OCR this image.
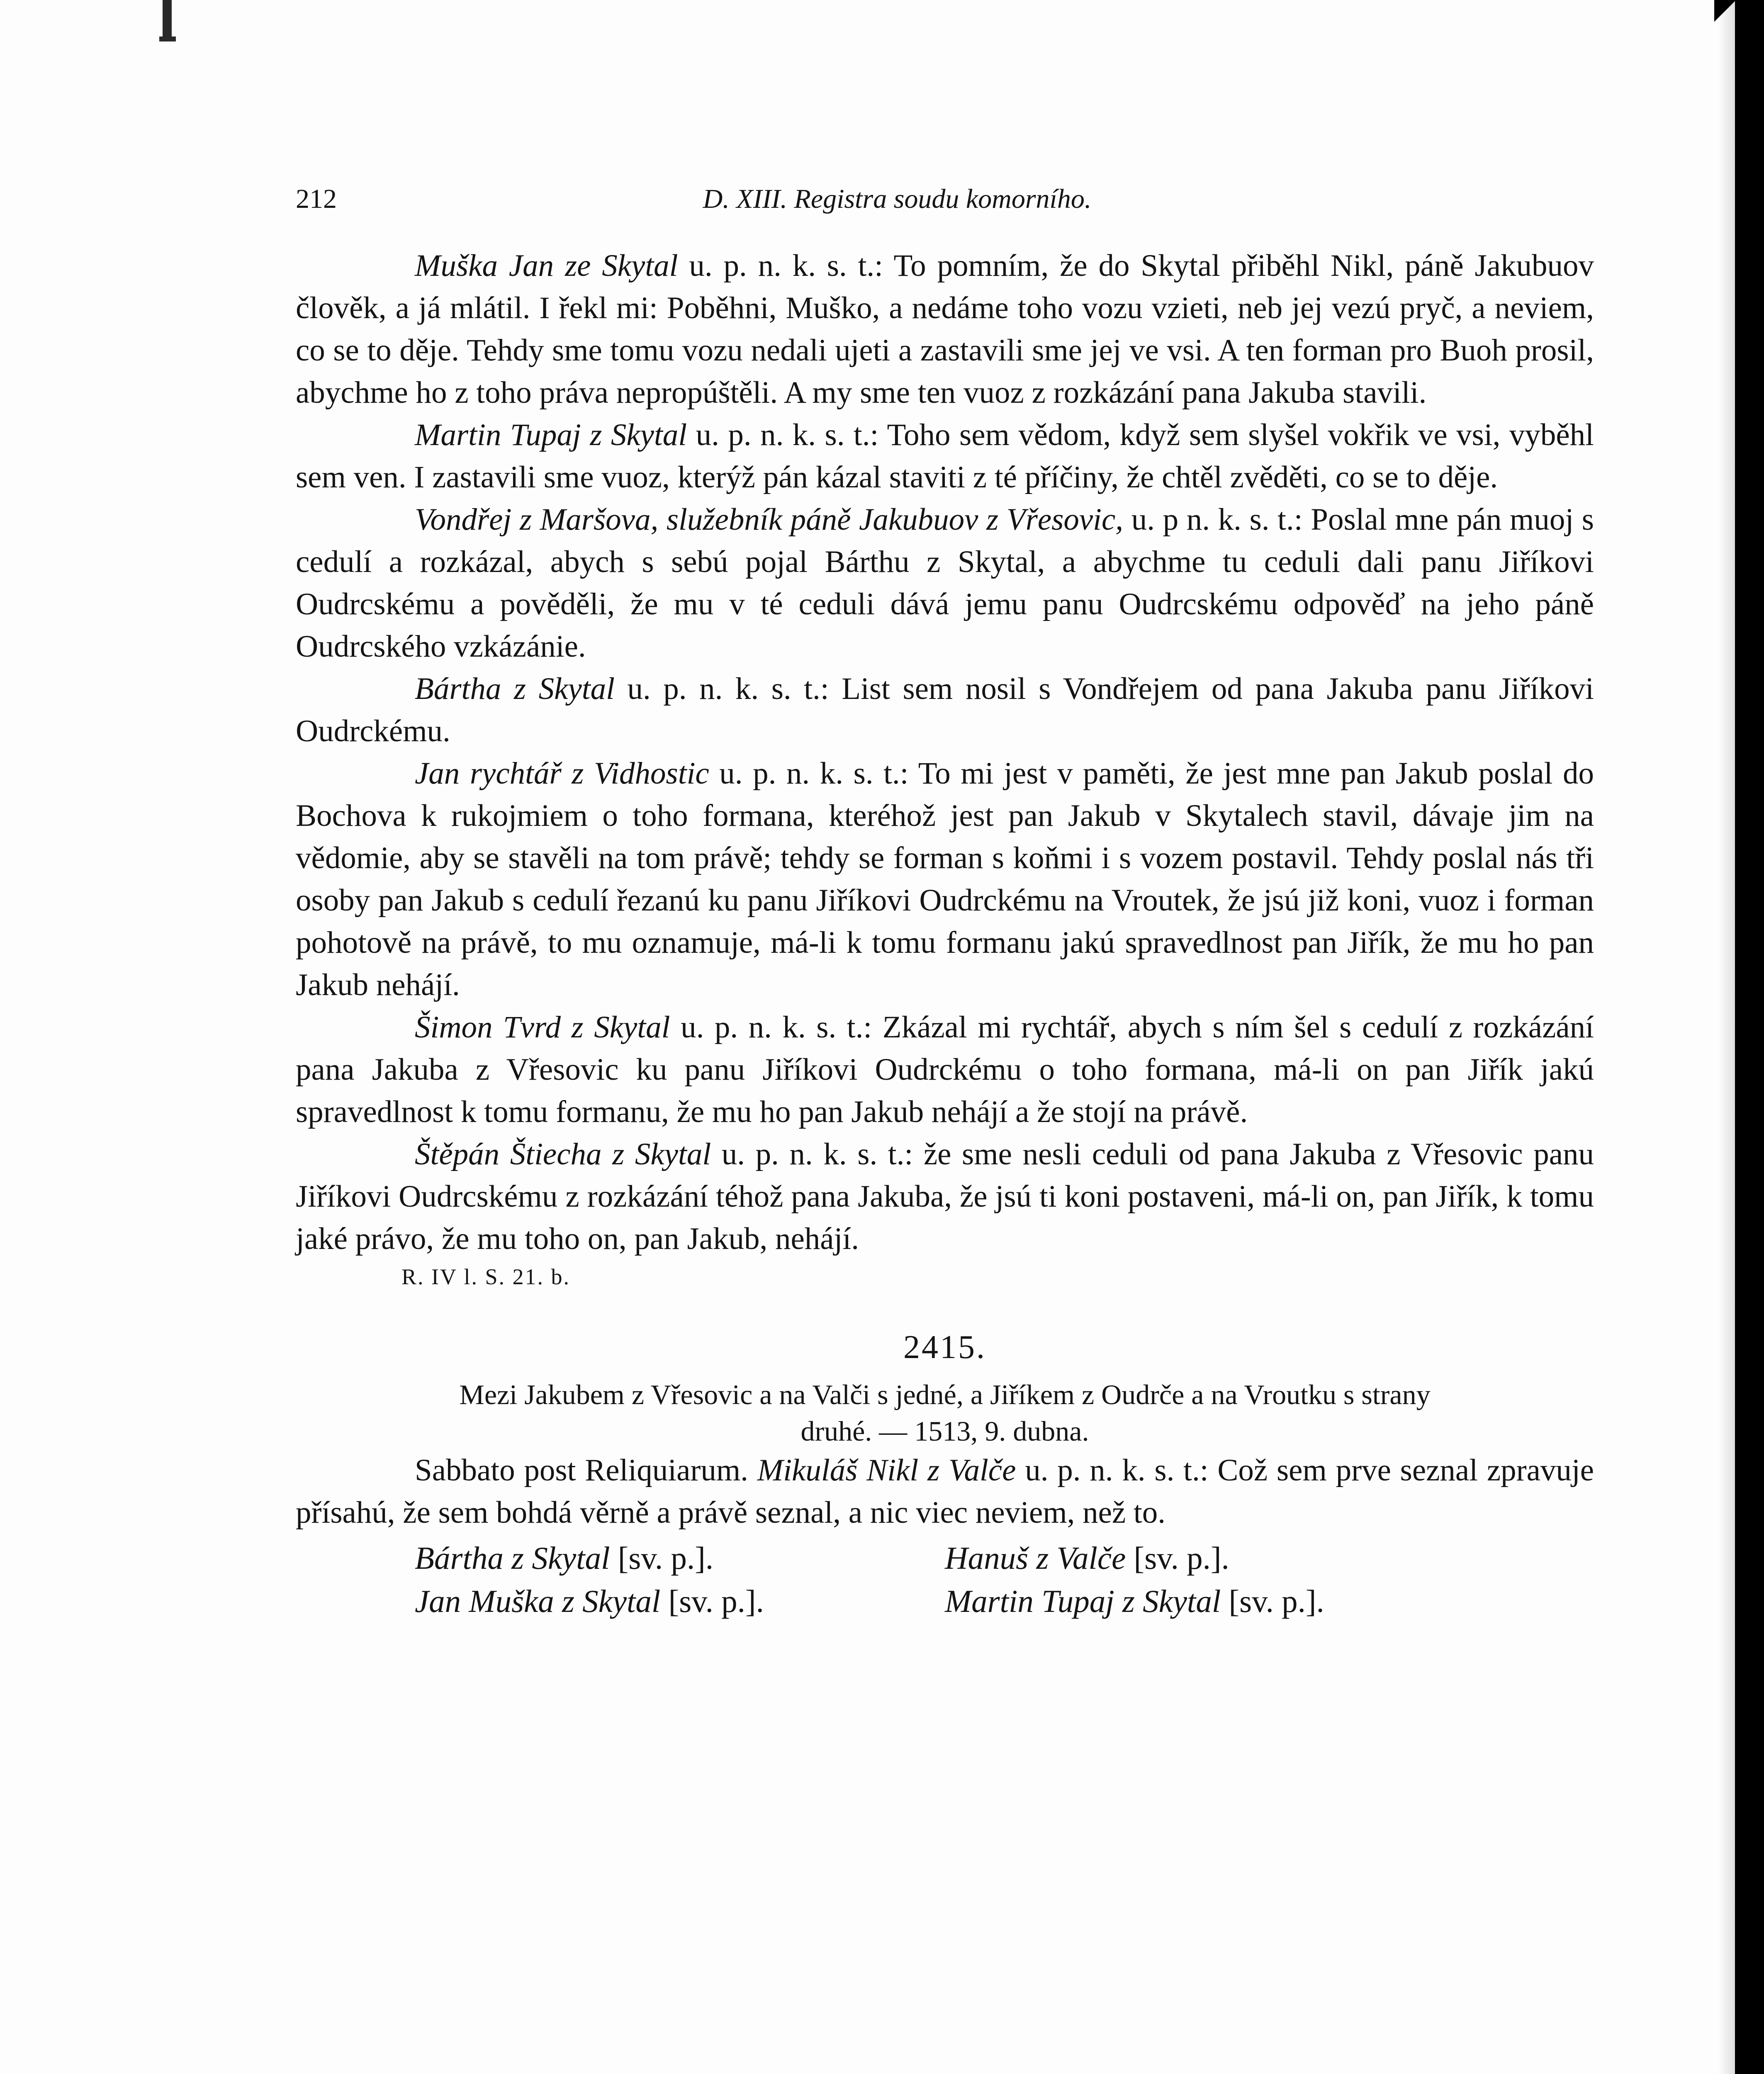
212	D. XIII. Registra soudu komorního.

Muška Jan ze Skytal u. p. n. k. s. t.: To pomním, že do Skytal přiběhl Nikl, páně Jakubuov člověk, a já mlátil. I řekl mi: Poběhni, Muško, a nedáme toho vozu vzieti, neb jej vezú pryč, a neviem, co se to děje. Tehdy sme tomu vozu nedali ujeti a zastavili sme jej ve vsi. A ten forman pro Buoh prosil, abychme ho z toho práva nepropúštěli. A my sme ten vuoz z rozkázání pana Jakuba stavili.

Martin Tupaj z Skytal u. p. n. k. s. t.: Toho sem vědom, když sem slyšel vokřik ve vsi, vyběhl sem ven. I zastavili sme vuoz, kterýž pán kázal staviti z té příčiny, že chtěl zvěděti, co se to děje.

Vondřej z Maršova, služebník páně Jakubuov z Vřesovic, u. p n. k. s. t.: Poslal mne pán muoj s cedulí a rozkázal, abych s sebú pojal Bárthu z Skytal, a abychme tu ceduli dali panu Jiříkovi Oudrcskému a pověděli, že mu v té ceduli dává jemu panu Oudrcskému odpověď na jeho páně Oudrcského vzkázánie.

Bártha z Skytal u. p. n. k. s. t.: List sem nosil s Vondřejem od pana Jakuba panu Jiříkovi Oudrckému.

Jan rychtář z Vidhostic u. p. n. k. s. t.: To mi jest v paměti, že jest mne pan Jakub poslal do Bochova k rukojmiem o toho formana, kteréhož jest pan Jakub v Skytalech stavil, dávaje jim na vědomie, aby se stavěli na tom právě; tehdy se forman s koňmi i s vozem postavil. Tehdy poslal nás tři osoby pan Jakub s cedulí řezanú ku panu Jiříkovi Oudrckému na Vroutek, že jsú již koni, vuoz i forman pohotově na právě, to mu oznamuje, má-li k tomu formanu jakú spravedlnost pan Jiřík, že mu ho pan Jakub nehájí.

Šimon Tvrd z Skytal u. p. n. k. s. t.: Zkázal mi rychtář, abych s ním šel s cedulí z rozkázání pana Jakuba z Vřesovic ku panu Jiříkovi Oudrckému o toho formana, má-li on pan Jiřík jakú spravedlnost k tomu formanu, že mu ho pan Jakub nehájí a že stojí na právě.

Štěpán Štiecha z Skytal u. p. n. k. s. t.: že sme nesli ceduli od pana Jakuba z Vřesovic panu Jiříkovi Oudrcskému z rozkázání téhož pana Jakuba, že jsú ti koni postaveni, má-li on, pan Jiřík, k tomu jaké právo, že mu toho on, pan Jakub, nehájí.

R. IV l. S. 21. b.
2415.
Mezi Jakubem z Vřesovic a na Valči s jedné, a Jiříkem z Oudrče a na Vroutku s strany
druhé. — 1513, 9. dubna.

Sabbato post Reliquiarum. Mikuláš Nikl z Valče u. p. n. k. s. t.: Což sem prve seznal zpravuje přísahú, že sem bohdá věrně a právě seznal, a nic viec neviem, než to.

Bártha z Skytal [sv. p.].	Hanuš z Valče [sv. p.].
Jan Muška z Skytal [sv. p.].	Martin Tupaj z Skytal [sv. p.].
